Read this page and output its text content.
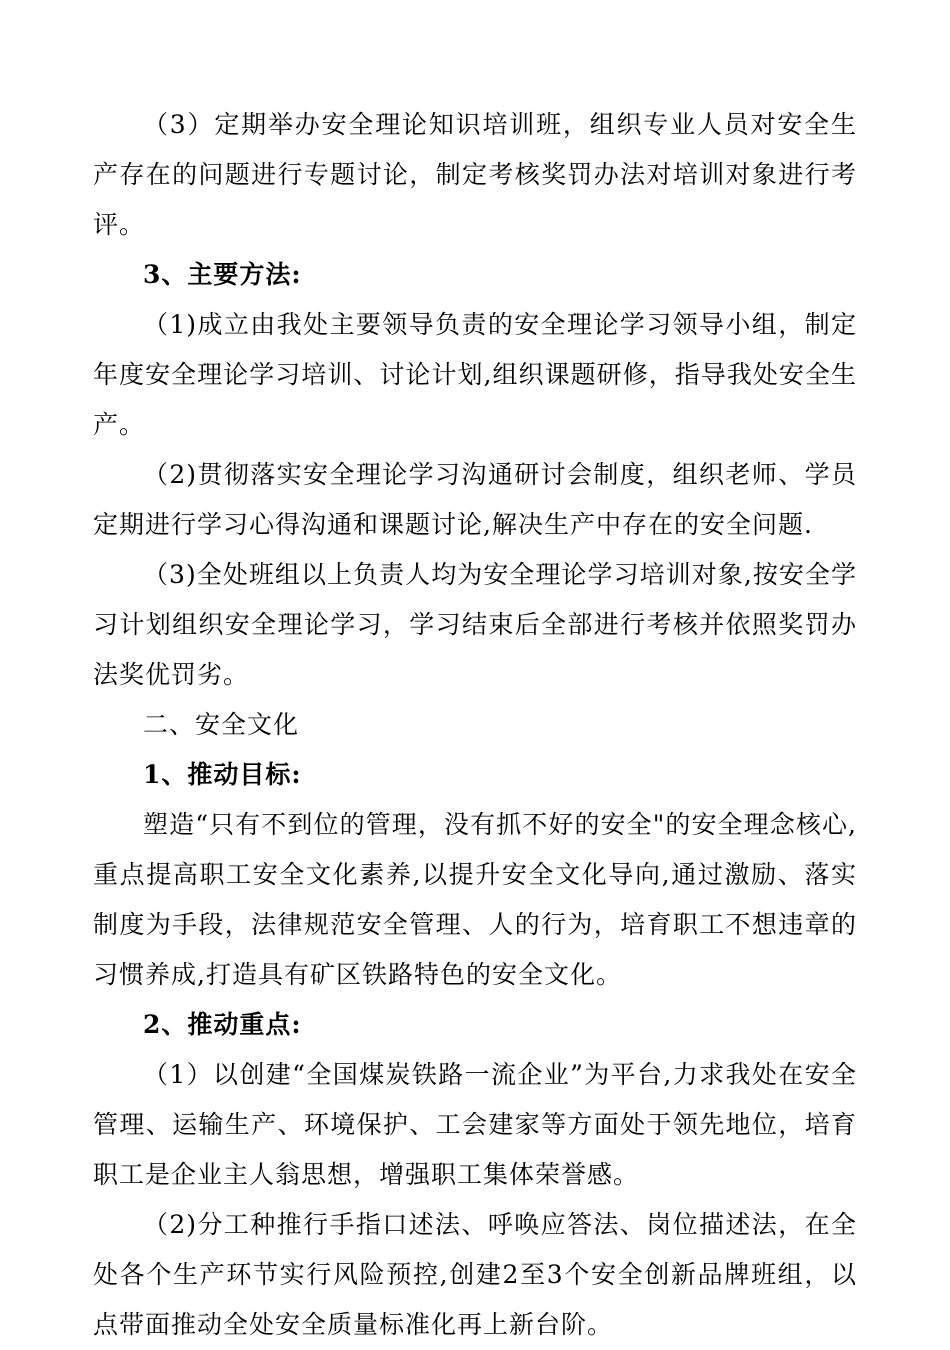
（3）定期举办安全理论知识培训班，组织专业人员对安全生产存在的问题进行专题讨论，制定考核奖罚办法对培训对象进行考评。

3、主要方法:

（1)成立由我处主要领导负责的安全理论学习领导小组，制定年度安全理论学习培训、讨论计划,组织课题研修，指导我处安全生产。

（2)贯彻落实安全理论学习沟通研讨会制度，组织老师、学员定期进行学习心得沟通和课题讨论,解决生产中存在的安全问题.

（3)全处班组以上负责人均为安全理论学习培训对象,按安全学习计划组织安全理论学习，学习结束后全部进行考核并依照奖罚办法奖优罚劣。

二、安全文化

1、推动目标:

塑造“只有不到位的管理，没有抓不好的安全"的安全理念核心,重点提高职工安全文化素养,以提升安全文化导向,通过激励、落实制度为手段，法律规范安全管理、人的行为，培育职工不想违章的习惯养成,打造具有矿区铁路特色的安全文化。

2、推动重点:

（1）以创建“全国煤炭铁路一流企业”为平台,力求我处在安全管理、运输生产、环境保护、工会建家等方面处于领先地位，培育职工是企业主人翁思想，增强职工集体荣誉感。

（2)分工种推行手指口述法、呼唤应答法、岗位描述法，在全处各个生产环节实行风险预控,创建2至3个安全创新品牌班组，以点带面推动全处安全质量标准化再上新台阶。
